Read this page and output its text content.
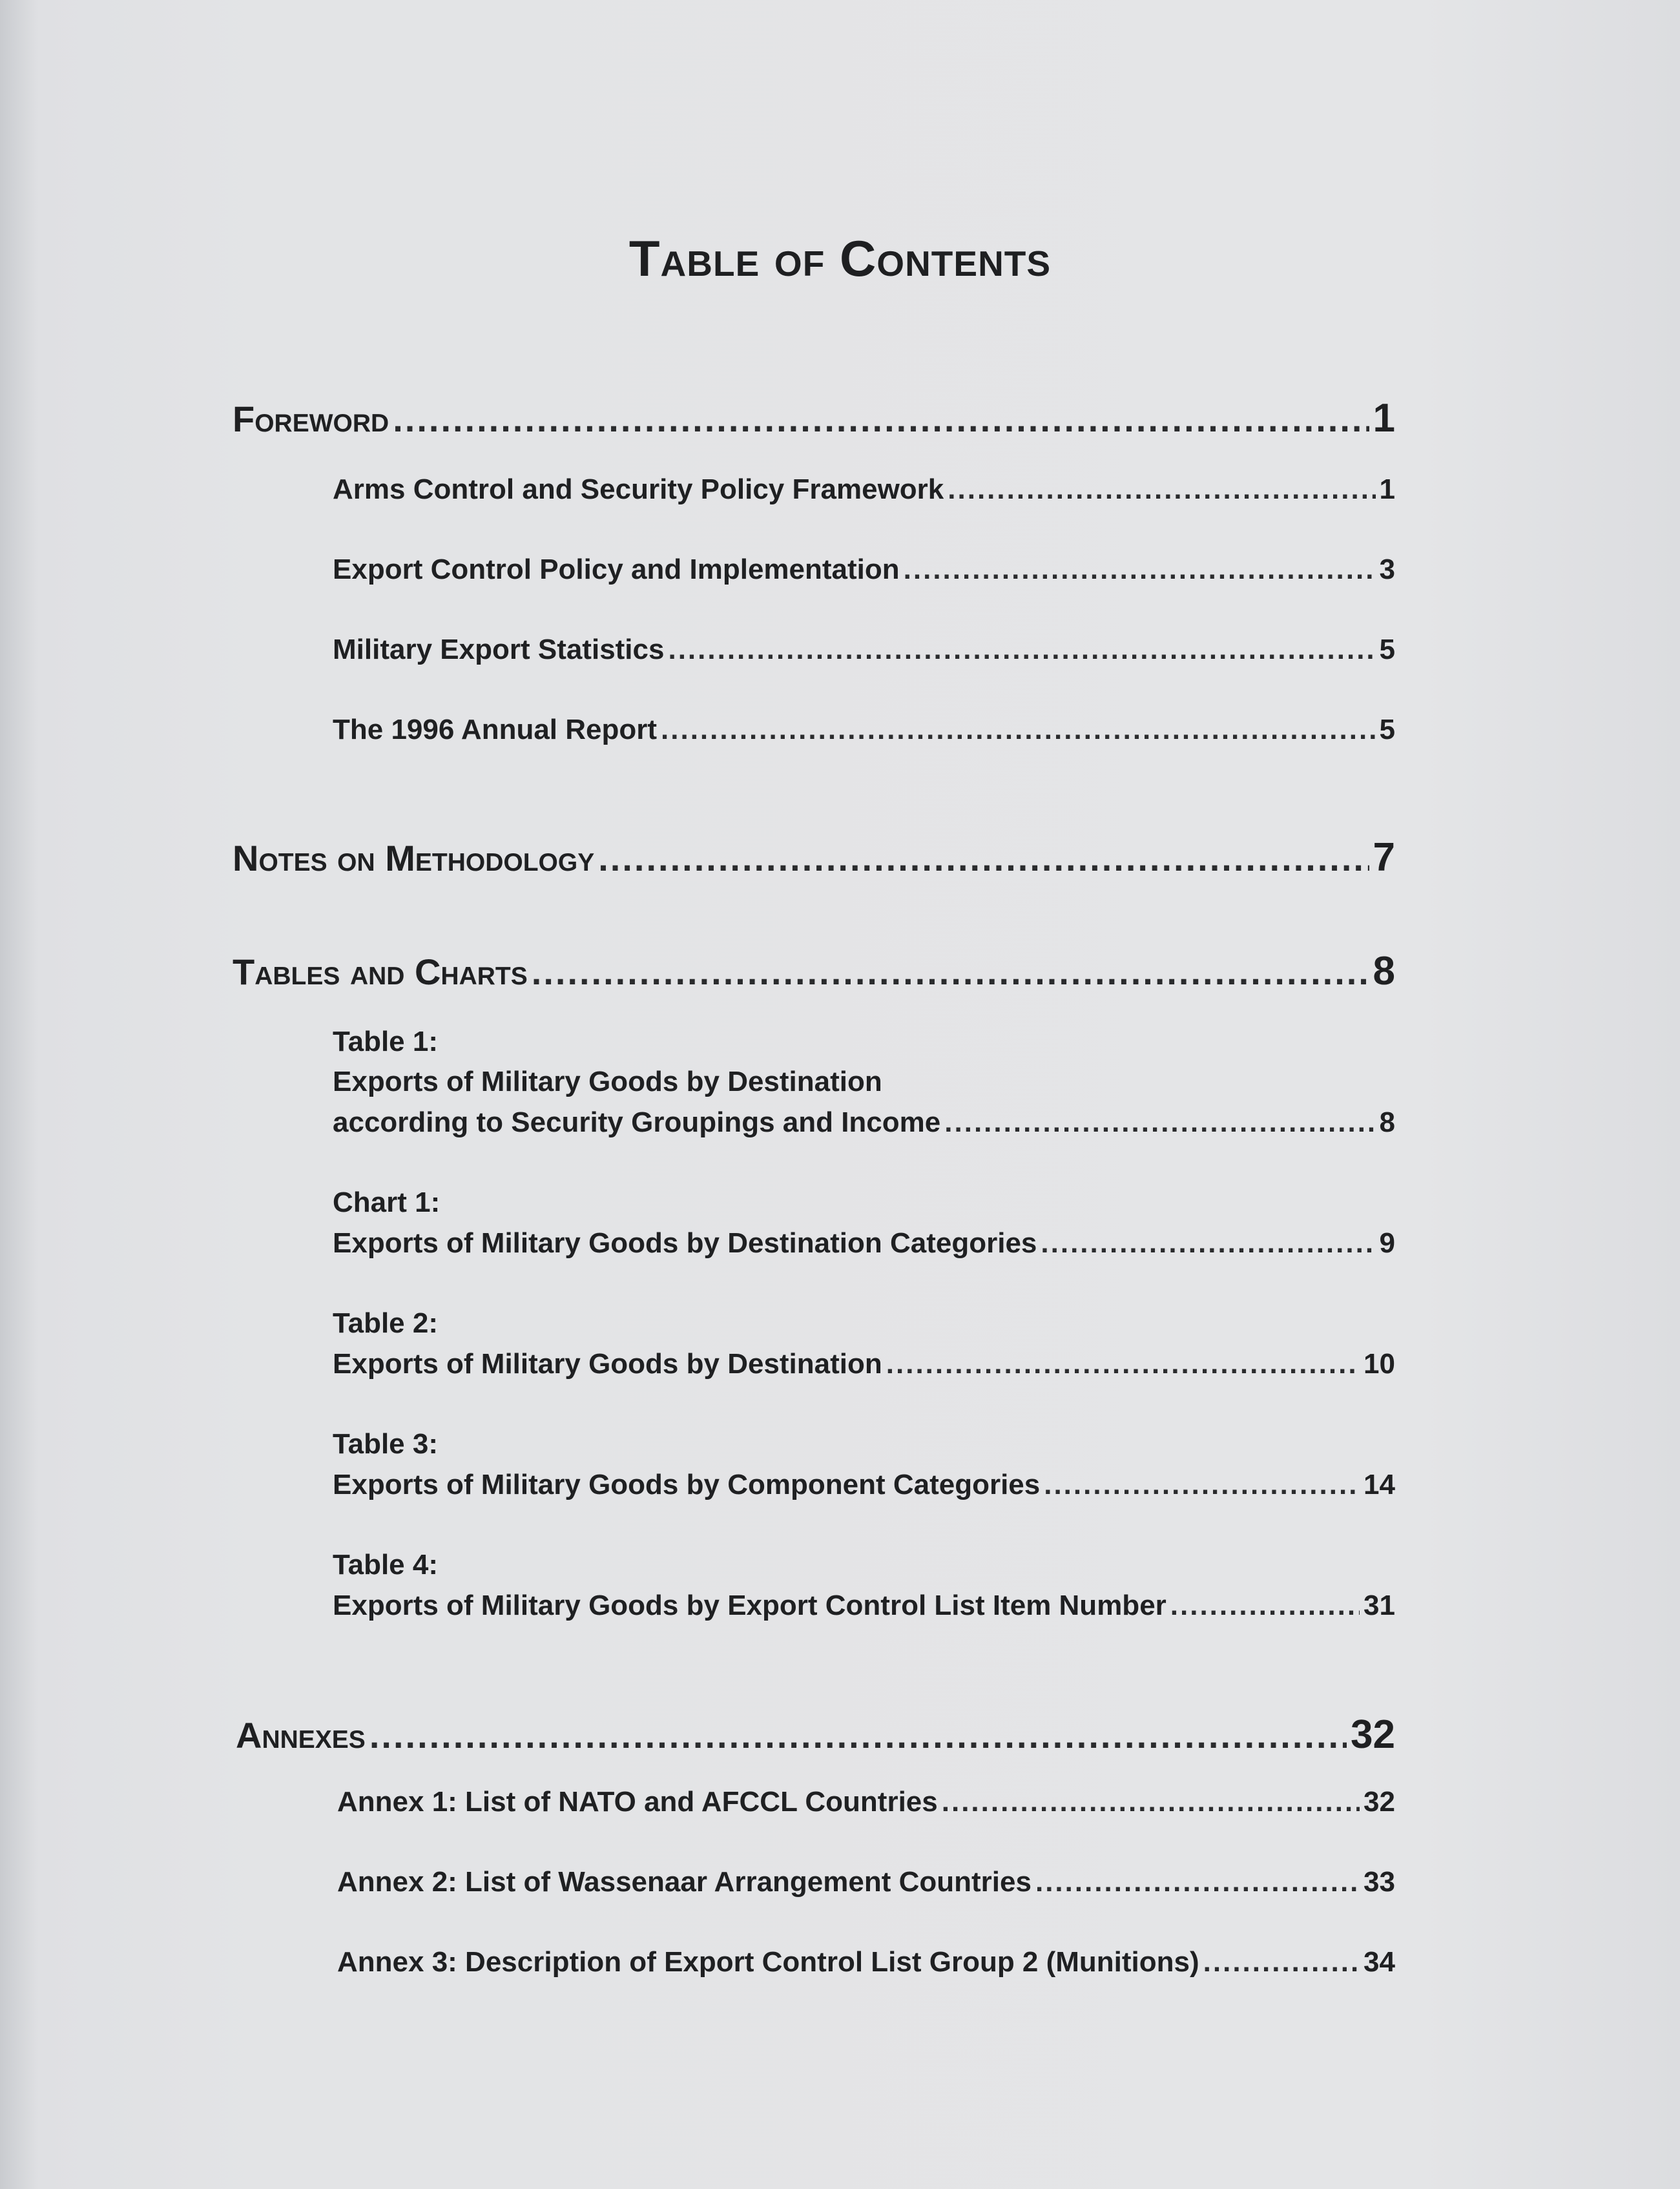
Table of Contents
Foreword .....	1
Arms Control and Security Policy Framework .....	1
Export Control Policy and Implementation .....	3
Military Export Statistics .....	5
The 1996 Annual Report .....	5
Notes on Methodology .....	7
Tables and Charts .....	8
Table 1:
Exports of Military Goods by Destination
according to Security Groupings and Income .....	8
Chart 1:
Exports of Military Goods by Destination Categories .....	9
Table 2:
Exports of Military Goods by Destination .....	10
Table 3:
Exports of Military Goods by Component Categories .....	14
Table 4:
Exports of Military Goods by Export Control List Item Number .....	31
Annexes .....	32
Annex 1: List of NATO and AFCCL Countries .....	32
Annex 2: List of Wassenaar Arrangement Countries .....	33
Annex 3: Description of Export Control List Group 2 (Munitions) .....	34
